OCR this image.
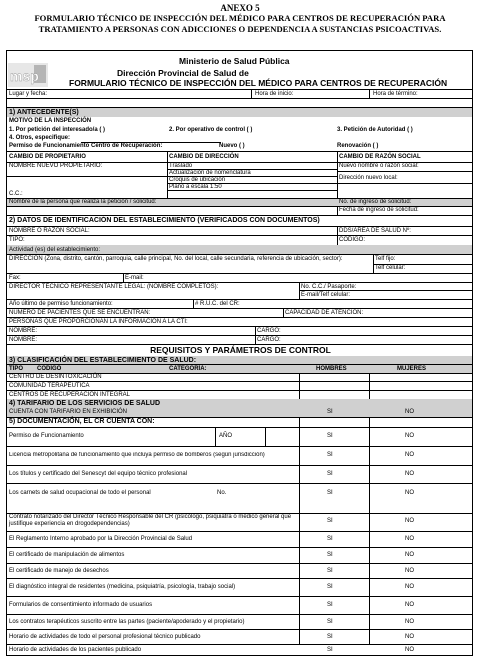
ANEXO 5
FORMULARIO TÉCNICO DE INSPECCIÓN DEL MÉDICO PARA CENTROS DE RECUPERACIÓN PARA
TRATAMIENTO A PERSONAS CON ADICCIONES O DEPENDENCIA A SUSTANCIAS PSICOACTIVAS.
msp
Ministerio de Salud Pública
Dirección Provincial de Salud de
FORMULARIO TÉCNICO DE INSPECCIÓN DEL MÉDICO PARA CENTROS DE RECUPERACIÓN
Lugar y fecha:	Hora de inicio:	Hora de término:
1) ANTECEDENTE(S)
MOTIVO DE LA INSPECCIÓN
1. Por petición del interesado/a ( )	2. Por operativo de control ( )	3. Petición de Autoridad ( )
4. Otros, especifique:
Permiso de Funcionamiento Centro de Recuperación:	Nuevo ( )	Renovación ( )
CAMBIO DE PROPIETARIO	CAMBIO DE DIRECCIÓN	CAMBIO DE RAZÓN SOCIAL
NOMBRE NUEVO PROPIETARIO:	Traslado
Actualización de nomenclatura
Croquis de ubicación
Plano a escala 1:50
Nuevo nombre o razón social:
Dirección nuevo local:
C.C.:
Nombre de la persona que realiza la petición / solicitud:	No. de ingreso de solicitud:
Fecha de ingreso de solicitud:
2) DATOS DE IDENTIFICACIÓN DEL ESTABLECIMIENTO (VERIFICADOS CON DOCUMENTOS)
NOMBRE O RAZÓN SOCIAL:	DDS/ÁREA DE SALUD Nº:
TIPO:	CÓDIGO:
Actividad (es) del establecimiento:
DIRECCIÓN (Zona, distrito, cantón, parroquia, calle principal, No. del local, calle secundaria, referencia de ubicación, sector):	Telf fijo:
Telf celular:
Fax:	E-mail:
DIRECTOR TÉCNICO REPRESENTANTE LEGAL: (NOMBRE COMPLETOS):	No. C.C./ Pasaporte:
E-mail/Telf celular:
Año último de permiso funcionamiento:	# R.U.C. del CR:
NÚMERO DE PACIENTES QUE SE ENCUENTRAN:	CAPACIDAD DE ATENCIÓN:
PERSONAS QUE PROPORCIONAN LA INFORMACIÓN A LA CTI:
NOMBRE:	CARGO:
NOMBRE:	CARGO:
REQUISITOS Y PARÁMETROS DE CONTROL
3) CLASIFICACIÓN DEL ESTABLECIMIENTO DE SALUD:
TIPO CÓDIGO	CATEGORÍA:	HOMBRES	MUJERES
CENTRO DE DESINTOXICACIÓN
COMUNIDAD TERAPEUTICA
CENTROS DE RECUPERACIÓN INTEGRAL
4) TARIFARIO DE LOS SERVICIOS DE SALUD
CUENTA CON TARIFARIO EN EXHIBICIÓN	SI	NO
5) DOCUMENTACIÓN, EL CR CUENTA CON:
Permiso de Funcionamiento	AÑO	SI	NO
Licencia metropolitana de funcionamiento que incluya permiso de bomberos (según jurisdicción)	SI	NO
Los títulos y certificado del Senescyt del equipo técnico profesional	SI	NO
Los carnets de salud ocupacional de todo el personal	No.	SI	NO
Contrato notarizado del Director Técnico Responsable del CR (psicólogo, psiquiatra o médico general que justifique experiencia en drogodependencias)	SI	NO
El Reglamento Interno aprobado por la Dirección Provincial de Salud	SI	NO
El certificado de manipulación de alimentos	SI	NO
El certificado de manejo de desechos	SI	NO
El diagnóstico integral de residentes (medicina, psiquiatría, psicología, trabajo social)	SI	NO
Formularios de consentimiento informado de usuarios	SI	NO
Los contratos terapéuticos suscrito entre las partes (paciente/apoderado y el propietario)	SI	NO
Horario de actividades de todo el personal profesional técnico publicado	SI	NO
Horario de actividades de los pacientes publicado	SI	NO
